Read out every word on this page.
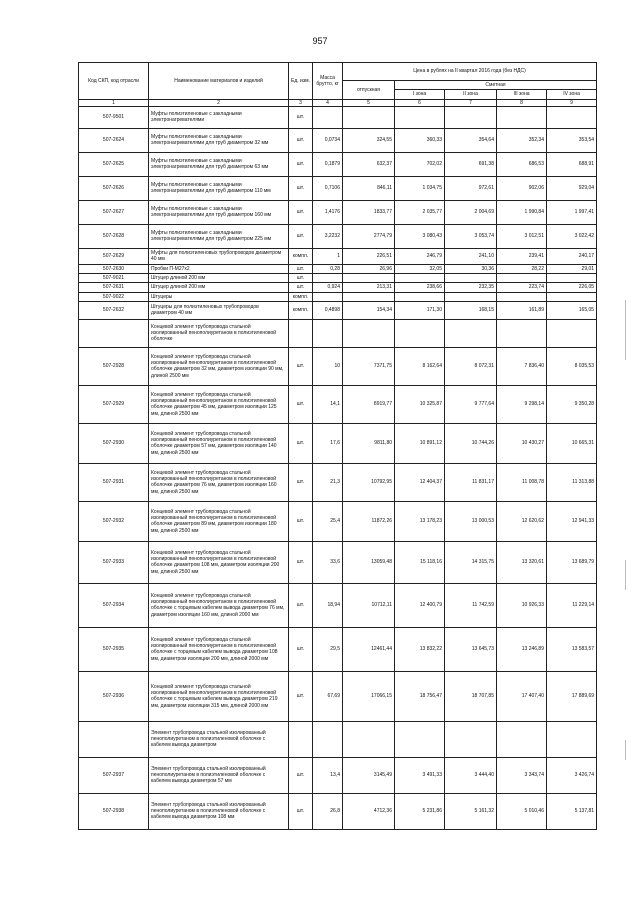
957
Код СКП, код отрасли	Наименование материалов и изделий	Ед. изм.	Масса брутто, кг	Цена в рублях на II квартал 2016 года (без НДС)				
				отпускная	Сметная			
					I зона	II зона	III зона	IV зона
1	2	3	4	5	6	7	8	9
507-9501	Муфты полиэтиленовые с закладными электронагревателями	шт.						
507-2624	Муфты полиэтиленовые с закладными электронагревателями для труб диаметром 32 мм	шт.	0,0734	324,55	360,33	354,64	352,34	353,54
507-2625	Муфты полиэтиленовые с закладными электронагревателями для труб диаметром 63 мм	шт.	0,1879	632,37	702,02	691,38	686,53	688,91
507-2626	Муфты полиэтиленовые с закладными электронагревателями для труб диаметром 110 мм	шт.	0,7106	846,11	1 034,75	972,61	902,06	929,04
507-2627	Муфты полиэтиленовые с закладными электронагревателями для труб диаметром 160 мм	шт.	1,4176	1833,77	2 035,77	2 004,69	1 990,84	1 997,41
507-2628	Муфты полиэтиленовые с закладными электронагревателями для труб диаметром 225 мм	шт.	3,2232	2774,79	3 080,43	3 053,74	3 012,51	3 022,42
507-2629	Муфты для полиэтиленовых трубопроводов диаметром 40 мм	компл.	1	226,51	246,79	241,10	239,41	240,17
507-2630	Пробки П-М27х2	шт.	0,28	26,96	32,05	30,36	28,22	29,01
507-9021	Штуцер длиной 200 мм	шт.						
507-2631	Штуцер длиной 200 мм	шт.	0,924	213,31	238,66	232,35	223,74	226,05
507-9022	Штуцеры	компл.						
507-2632	Штуцеры для полиэтиленовых трубопроводов диаметром 40 мм	компл.	0,4898	154,34	171,30	168,15	161,89	165,05
	Концевой элемент трубопровода стальной изолированный пенополиуретаном в полиэтиленовой оболочке							
507-2928	Концевой элемент трубопровода стальной изолированный пенополиуретаном в полиэтиленовой оболочке диаметром 32 мм, диаметром изоляции 90 мм, длиной 2500 мм	шт.	10	7371,75	8 162,64	8 072,31	7 836,40	8 035,53
507-2929	Концевой элемент трубопровода стальной изолированный пенополиуретаном в полиэтиленовой оболочке диаметром 45 мм, диаметром изоляции 125 мм, длиной 2500 мм	шт.	14,1	8919,77	10 325,87	9 777,64	9 298,14	9 350,28
507-2930	Концевой элемент трубопровода стальной изолированный пенополиуретаном в полиэтиленовой оболочке диаметром 57 мм, диаметром изоляции 140 мм, длиной 2500 мм	шт.	17,6	9811,80	10 891,12	10 744,26	10 430,27	10 665,31
507-2931	Концевой элемент трубопровода стальной изолированный пенополиуретаном в полиэтиленовой оболочке диаметром 76 мм, диаметром изоляции 160 мм, длиной 2500 мм	шт.	21,3	10792,95	12 404,37	11 831,17	11 008,78	11 313,88
507-2932	Концевой элемент трубопровода стальной изолированный пенополиуретаном в полиэтиленовой оболочке диаметром 89 мм, диаметром изоляции 180 мм, длиной 2500 мм	шт.	25,4	11872,26	13 178,23	13 000,53	12 620,62	12 941,33
507-2933	Концевой элемент трубопровода стальной изолированный пенополиуретаном в полиэтиленовой оболочке диаметром 108 мм, диаметром изоляции 200 мм, длиной 2500 мм	шт.	33,6	13059,48	15 118,16	14 315,75	13 320,61	13 689,79
507-2934	Концевой элемент трубопровода стальной изолированный пенополиуретаном в полиэтиленовой оболочке с торцевым кабелем вывода диаметром 76 мм, диаметром изоляции 160 мм, длиной 2000 мм	шт.	18,94	10712,11	12 400,79	11 742,59	10 926,33	11 229,14
507-2935	Концевой элемент трубопровода стальной изолированный пенополиуретаном в полиэтиленовой оболочке с торцевым кабелем вывода диаметром 108 мм, диаметром изоляции 200 мм, длиной 2000 мм	шт.	29,5	12461,44	13 832,22	13 645,73	13 246,89	13 583,57
507-2936	Концевой элемент трубопровода стальной изолированный пенополиуретаном в полиэтиленовой оболочке с торцевым кабелем вывода диаметром 219 мм, диаметром изоляции 315 мм, длиной 2000 мм	шт.	67,69	17066,15	18 756,47	18 707,85	17 407,40	17 889,69
	Элемент трубопровода стальной изолированный пенополиуретаном в полиэтиленовой оболочке с кабелем вывода диаметром							
507-2937	Элемент трубопровода стальной изолированный пенополиуретаном в полиэтиленовой оболочке с кабелем вывода диаметром 57 мм	шт.	13,4	3145,49	3 491,33	3 444,40	3 343,74	3 426,74
507-2938	Элемент трубопровода стальной изолированный пенополиуретаном в полиэтиленовой оболочке с кабелем вывода диаметром 108 мм	шт.	26,8	4712,36	5 231,86	5 161,32	5 010,46	5 137,81
